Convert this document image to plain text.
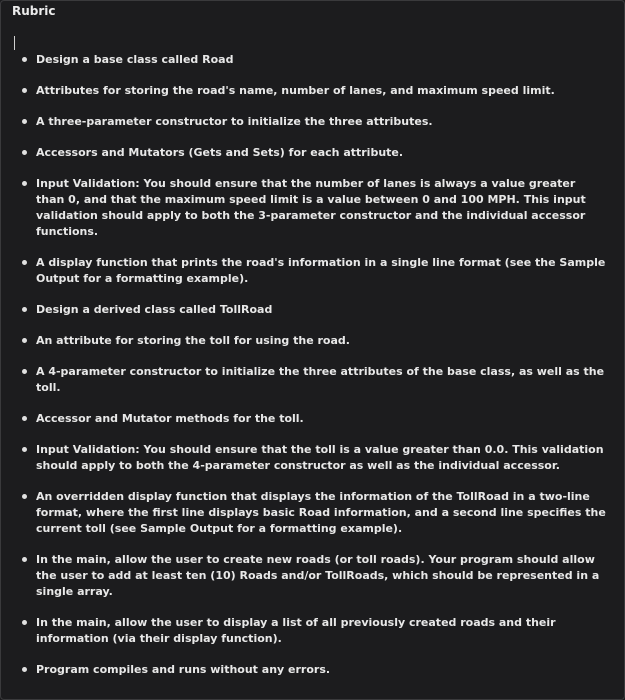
Rubric
Design a base class called Road
Attributes for storing the road's name, number of lanes, and maximum speed limit.
A three-parameter constructor to initialize the three attributes.
Accessors and Mutators (Gets and Sets) for each attribute.
Input Validation: You should ensure that the number of lanes is always a value greater than 0, and that the maximum speed limit is a value between 0 and 100 MPH. This input validation should apply to both the 3-parameter constructor and the individual accessor functions.
A display function that prints the road's information in a single line format (see the Sample Output for a formatting example).
Design a derived class called TollRoad
An attribute for storing the toll for using the road.
A 4-parameter constructor to initialize the three attributes of the base class, as well as the toll.
Accessor and Mutator methods for the toll.
Input Validation: You should ensure that the toll is a value greater than 0.0. This validation should apply to both the 4-parameter constructor as well as the individual accessor.
An overridden display function that displays the information of the TollRoad in a two-line format, where the first line displays basic Road information, and a second line specifies the current toll (see Sample Output for a formatting example).
In the main, allow the user to create new roads (or toll roads). Your program should allow the user to add at least ten (10) Roads and/or TollRoads, which should be represented in a single array.
In the main, allow the user to display a list of all previously created roads and their information (via their display function).
Program compiles and runs without any errors.
